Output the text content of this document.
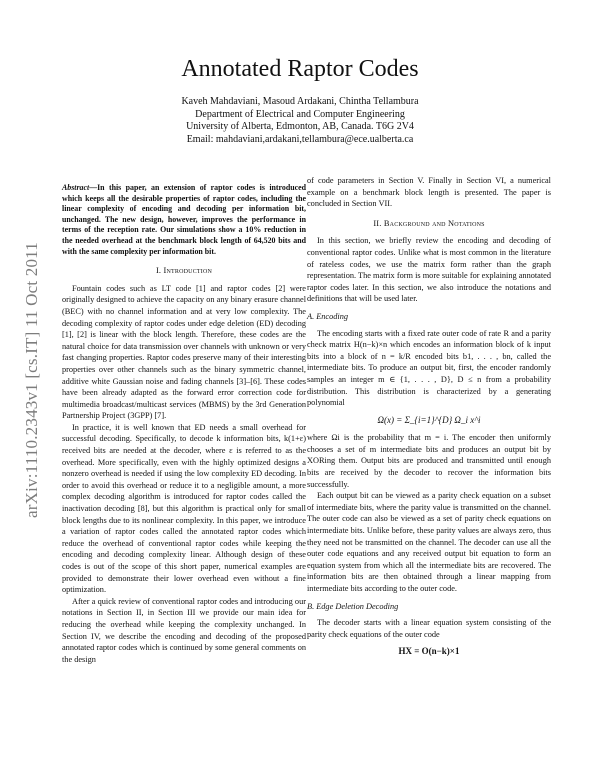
arXiv:1110.2343v1 [cs.IT] 11 Oct 2011
Annotated Raptor Codes
Kaveh Mahdaviani, Masoud Ardakani, Chintha Tellambura
Department of Electrical and Computer Engineering
University of Alberta, Edmonton, AB, Canada. T6G 2V4
Email: mahdaviani,ardakani,tellambura@ece.ualberta.ca
Abstract—In this paper, an extension of raptor codes is introduced which keeps all the desirable properties of raptor codes, including the linear complexity of encoding and decoding per information bit, unchanged. The new design, however, improves the performance in terms of the reception rate. Our simulations show a 10% reduction in the needed overhead at the benchmark block length of 64,520 bits and with the same complexity per information bit.
I. Introduction

Fountain codes such as LT code [1] and raptor codes [2] were originally designed to achieve the capacity on any binary erasure channel (BEC) with no channel information and at very low complexity. The decoding complexity of raptor codes under edge deletion (ED) decoding [1], [2] is linear with the block length. Therefore, these codes are the natural choice for data transmission over channels with unknown or very fast changing properties. Raptor codes preserve many of their interesting properties over other channels such as the binary symmetric channel, additive white Gaussian noise and fading channels [3]–[6]. These codes have been already adapted as the forward error correction code for multimedia broadcast/multicast services (MBMS) by the 3rd Generation Partnership Project (3GPP) [7].

In practice, it is well known that ED needs a small overhead for successful decoding. Specifically, to decode k information bits, k(1+ε) received bits are needed at the decoder, where ε is referred to as the overhead. More specifically, even with the highly optimized designs a nonzero overhead is needed if using the low complexity ED decoding. In order to avoid this overhead or reduce it to a negligible amount, a more complex decoding algorithm is introduced for raptor codes called the inactivation decoding [8], but this algorithm is practical only for small block lengths due to its nonlinear complexity. In this paper, we introduce a variation of raptor codes called the annotated raptor codes which reduce the overhead of conventional raptor codes while keeping the encoding and decoding complexity linear. Although design of these codes is out of the scope of this short paper, numerical examples are provided to demonstrate their lower overhead even without a fine optimization.

After a quick review of conventional raptor codes and introducing our notations in Section II, in Section III we provide our main idea for reducing the overhead while keeping the complexity unchanged. In Section IV, we describe the encoding and decoding of the proposed annotated raptor codes which is continued by some general comments on the design

of code parameters in Section V. Finally in Section VI, a numerical example on a benchmark block length is presented. The paper is concluded in Section VII.

II. Background and Notations

In this section, we briefly review the encoding and decoding of conventional raptor codes. Unlike what is most common in the literature of rateless codes, we use the matrix form rather than the graph representation. The matrix form is more suitable for explaining annotated raptor codes later. In this section, we also introduce the notations and definitions that will be used later.

A. Encoding

The encoding starts with a fixed rate outer code of rate R and a parity check matrix H(n−k)×n which encodes an information block of k input bits into a block of n = k/R encoded bits b1, . . . , bn, called the intermediate bits. To produce an output bit, first, the encoder randomly samples an integer m ∈ {1, . . . , D}, D ≤ n from a probability distribution. This distribution is characterized by a generating polynomial

Ω(x) = Σ_{i=1}^{D} Ω_i x^i

where Ωi is the probability that m = i. The encoder then uniformly chooses a set of m intermediate bits and produces an output bit by XORing them. Output bits are produced and transmitted until enough bits are received by the decoder to recover the information bits successfully.

Each output bit can be viewed as a parity check equation on a subset of intermediate bits, where the parity value is transmitted on the channel. The outer code can also be viewed as a set of parity check equations on intermediate bits. Unlike before, these parity values are always zero, thus they need not be transmitted on the channel. The decoder can use all the outer code equations and any received output bit equation to form an equation system from which all the intermediate bits are recovered. The information bits are then obtained through a linear mapping from intermediate bits according to the outer code.

B. Edge Deletion Decoding

The decoder starts with a linear equation system consisting of the parity check equations of the outer code

HX = O(n−k)×1
